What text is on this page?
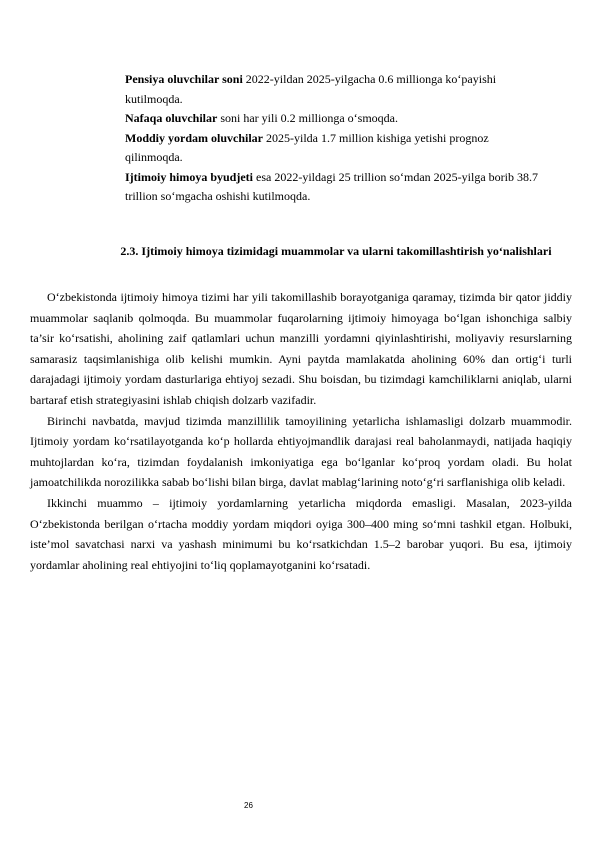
Pensiya oluvchilar soni 2022-yildan 2025-yilgacha 0.6 millionga ko‘payishi kutilmoqda.

Nafaqa oluvchilar soni har yili 0.2 millionga o‘smoqda.

Moddiy yordam oluvchilar 2025-yilda 1.7 million kishiga yetishi prognoz qilinmoqda.

Ijtimoiy himoya byudjeti esa 2022-yildagi 25 trillion so‘mdan 2025-yilga borib 38.7 trillion so‘mgacha oshishi kutilmoqda.

2.3. Ijtimoiy himoya tizimidagi muammolar va ularni takomillashtirish yo‘nalishlari

O‘zbekistonda ijtimoiy himoya tizimi har yili takomillashib borayotganiga qaramay, tizimda bir qator jiddiy muammolar saqlanib qolmoqda. Bu muammolar fuqarolarning ijtimoiy himoyaga bo‘lgan ishonchiga salbiy ta’sir ko‘rsatishi, aholining zaif qatlamlari uchun manzilli yordamni qiyinlashtirishi, moliyaviy resurslarning samarasiz taqsimlanishiga olib kelishi mumkin. Ayni paytda mamlakatda aholining 60% dan ortig‘i turli darajadagi ijtimoiy yordam dasturlariga ehtiyoj sezadi. Shu boisdan, bu tizimdagi kamchiliklarni aniqlab, ularni bartaraf etish strategiyasini ishlab chiqish dolzarb vazifadir.

Birinchi navbatda, mavjud tizimda manzillilik tamoyilining yetarlicha ishlamasligi dolzarb muammodir. Ijtimoiy yordam ko‘rsatilayotganda ko‘p hollarda ehtiyojmandlik darajasi real baholanmaydi, natijada haqiqiy muhtojlardan ko‘ra, tizimdan foydalanish imkoniyatiga ega bo‘lganlar ko‘proq yordam oladi. Bu holat jamoatchilikda norozilikka sabab bo‘lishi bilan birga, davlat mablag‘larining noto‘g‘ri sarflanishiga olib keladi.

Ikkinchi muammo – ijtimoiy yordamlarning yetarlicha miqdorda emasligi. Masalan, 2023-yilda O‘zbekistonda berilgan o‘rtacha moddiy yordam miqdori oyiga 300–400 ming so‘mni tashkil etgan. Holbuki, iste’mol savatchasi narxi va yashash minimumi bu ko‘rsatkichdan 1.5–2 barobar yuqori. Bu esa, ijtimoiy yordamlar aholining real ehtiyojini to‘liq qoplamayotganini ko‘rsatadi.

26
